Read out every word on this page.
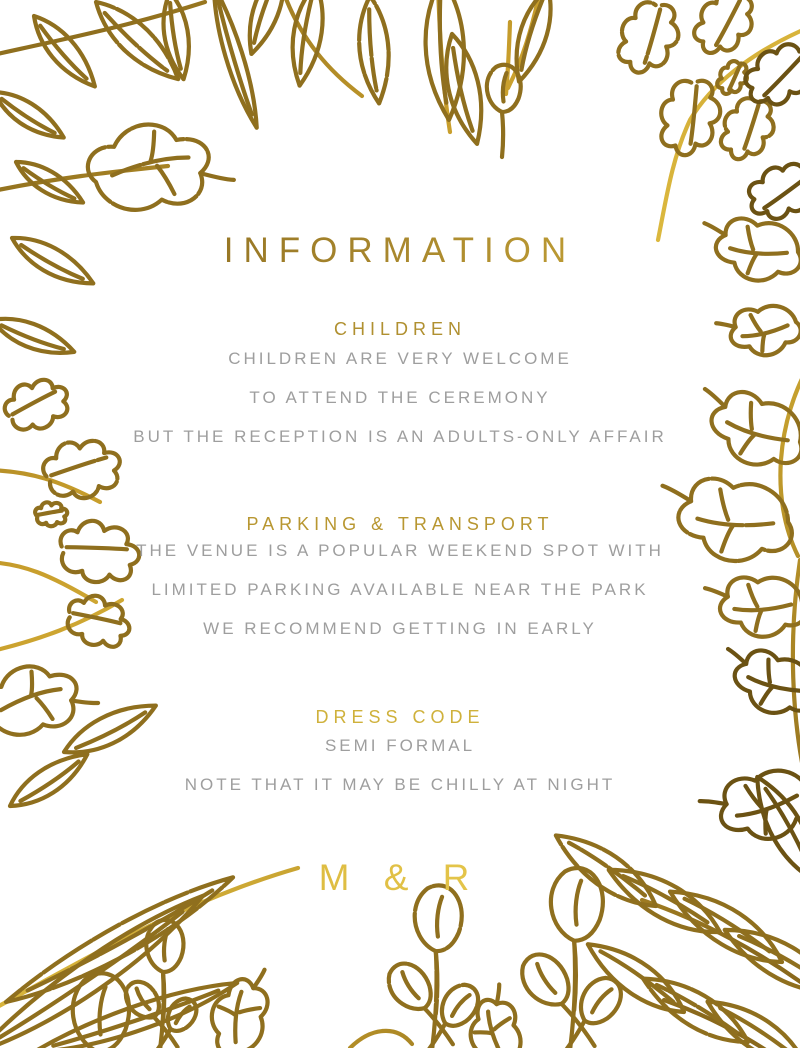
INFORMATION
CHILDREN
CHILDREN ARE VERY WELCOME
TO ATTEND THE CEREMONY
BUT THE RECEPTION IS AN ADULTS-ONLY AFFAIR
PARKING & TRANSPORT
THE VENUE IS A POPULAR WEEKEND SPOT WITH
LIMITED PARKING AVAILABLE NEAR THE PARK
WE RECOMMEND GETTING IN EARLY
DRESS CODE
SEMI FORMAL
NOTE THAT IT MAY BE CHILLY AT NIGHT
M & R
